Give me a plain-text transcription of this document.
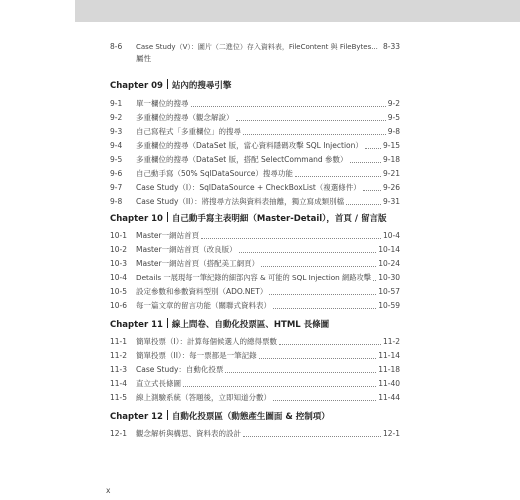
8-6 Case Study（V）：圖片（二進位）存入資料表，FileContent 與 FileBytes... 8-33
屬性
Chapter 09 站內的搜尋引擎
9-1 單一欄位的搜尋	9-2
9-2 多重欄位的搜尋（觀念解說）	9-5
9-3 自己寫程式「多重欄位」的搜尋	9-8
9-4 多重欄位的搜尋（DataSet 版，當心資料隱碼攻擊 SQL Injection）	9-15
9-5 多重欄位的搜尋（DataSet 版，搭配 SelectCommand 參數）	9-18
9-6 自己動手寫（50% SqlDataSource）搜尋功能	9-21
9-7 Case Study（I）：SqlDataSource + CheckBoxList（複選條件）	9-26
9-8 Case Study（II）：將搜尋方法與資料表抽離，獨立寫成類別檔	9-31
Chapter 10 自己動手寫主表明細（Master-Detail），首頁 / 留言版
10-1 Master一網站首頁	10-4
10-2 Master一網站首頁（改良版）	10-14
10-3 Master一網站首頁（搭配美工網頁）	10-24
10-4 Details 一展現每一筆紀錄的細部內容 & 可能的 SQL Injection 網路攻擊 10-30
10-5 設定參數和參數資料型別（ADO.NET）	10-57
10-6 每一篇文章的留言功能（關聯式資料表）	10-59
Chapter 11 線上問卷、自動化投票區、HTML 長條圖
11-1 簡單投票（I）：計算每個候選人的總得票數	11-2
11-2 簡單投票（II）：每一票都是一筆記錄	11-14
11-3 Case Study：自動化投票	11-18
11-4 直立式長條圖	11-40
11-5 線上測驗系統（答題後，立即知道分數）	11-44
Chapter 12 自動化投票區（動態產生圖面 & 控制項）
12-1 觀念解析與構思、資料表的設計	12-1
x
